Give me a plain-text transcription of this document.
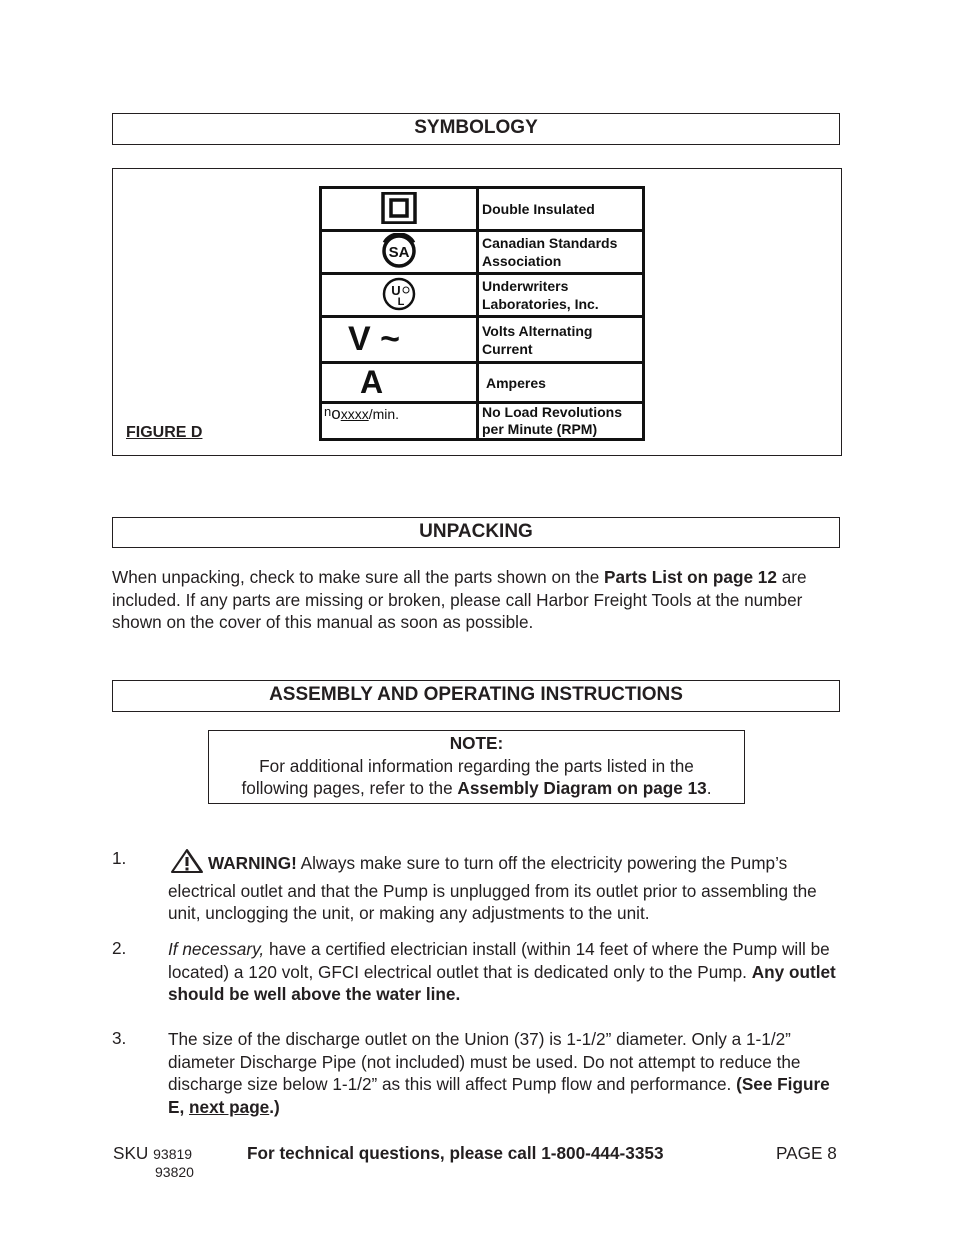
SYMBOLOGY
	Double Insulated

SA	Canadian Standards
Association

U
L	Underwriters
Laboratories, Inc.
V ~	Volts Alternating Current
A	Amperes
noxxxx/min.	No Load Revolutions
per Minute (RPM)
FIGURE D
UNPACKING
When unpacking, check to make sure all the parts shown on the Parts List on page 12 are included. If any parts are missing or broken, please call Harbor Freight Tools at the number shown on the cover of this manual as soon as possible.
ASSEMBLY AND OPERATING INSTRUCTIONS
NOTE:
For additional information regarding the parts listed in the
following pages, refer to the Assembly Diagram on page 13.
1.	WARNING! Always make sure to turn off the electricity powering the Pump’s electrical outlet and that the Pump is unplugged from its outlet prior to assembling the unit, unclogging the unit, or making any adjustments to the unit.
2. If necessary, have a certified electrician install (within 14 feet of where the Pump will be located) a 120 volt, GFCI electrical outlet that is dedicated only to the Pump. Any outlet should be well above the water line.
3. The size of the discharge outlet on the Union (37) is 1-1/2” diameter. Only a 1-1/2” diameter Discharge Pipe (not included) must be used. Do not attempt to reduce the discharge size below 1-1/2” as this will affect Pump flow and performance. (See Figure E, next page.)
SKU 93819
93820
For technical questions, please call 1-800-444-3353	PAGE 8
